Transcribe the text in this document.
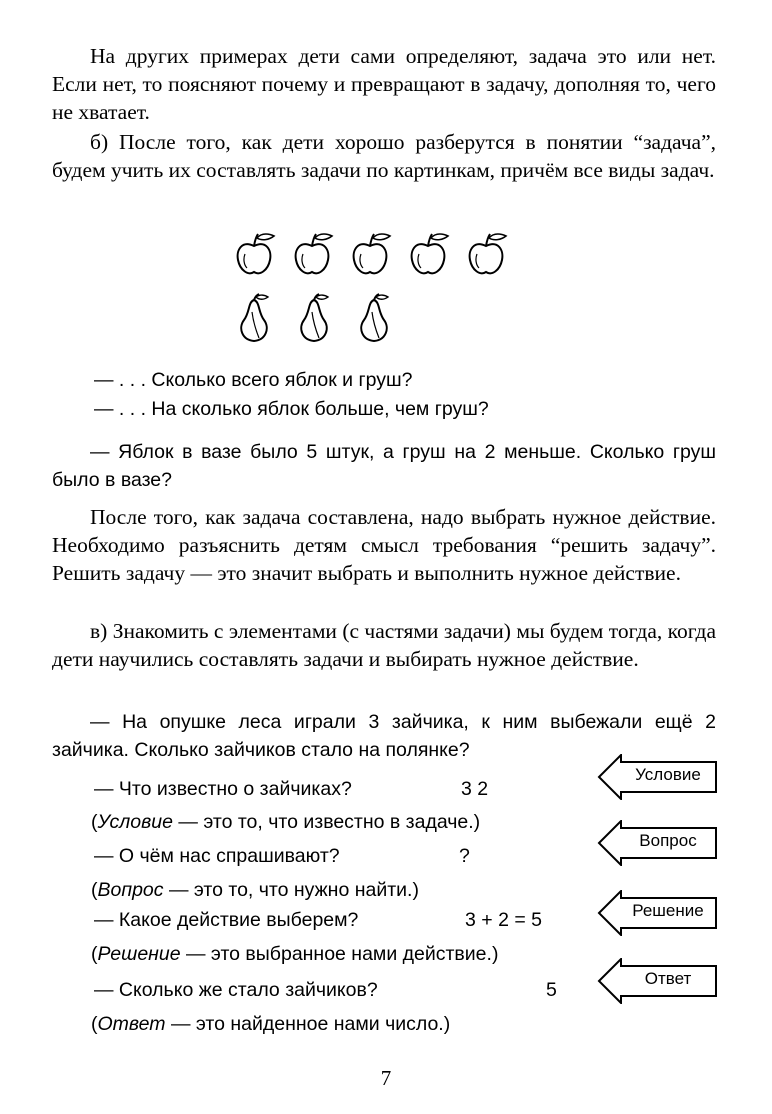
На других примерах дети сами определяют, задача это или нет. Если нет, то поясняют почему и превращают в задачу, дополняя то, чего не хватает.

б) После того, как дети хорошо разберутся в понятии “задача”, будем учить их составлять задачи по картинкам, причём все виды задач.

— . . . Сколько всего яблок и груш?

— . . . На сколько яблок больше, чем груш?

— Яблок в вазе было 5 штук, а груш на 2 меньше. Сколько груш было в вазе?

После того, как задача составлена, надо выбрать нужное действие. Необходимо разъяснить детям смысл требования “решить задачу”. Решить задачу — это значит выбрать и выполнить нужное действие.

в) Знакомить с элементами (с частями задачи) мы будем тогда, когда дети научились составлять задачи и выбирать нужное действие.

— На опушке леса играли 3 зайчика, к ним выбежали ещё 2 зайчика. Сколько зайчиков стало на полянке?

— Что известно о зайчиках?	3 2

(Условие — это то, что известно в задаче.)

— О чём нас спрашивают?	?

(Вопрос — это то, что нужно найти.)

— Какое действие выберем?	3 + 2 = 5

(Решение — это выбранное нами действие.)

— Сколько же стало зайчиков?	5

(Ответ — это найденное нами число.)

Условие
Вопрос
Решение
Ответ
7
